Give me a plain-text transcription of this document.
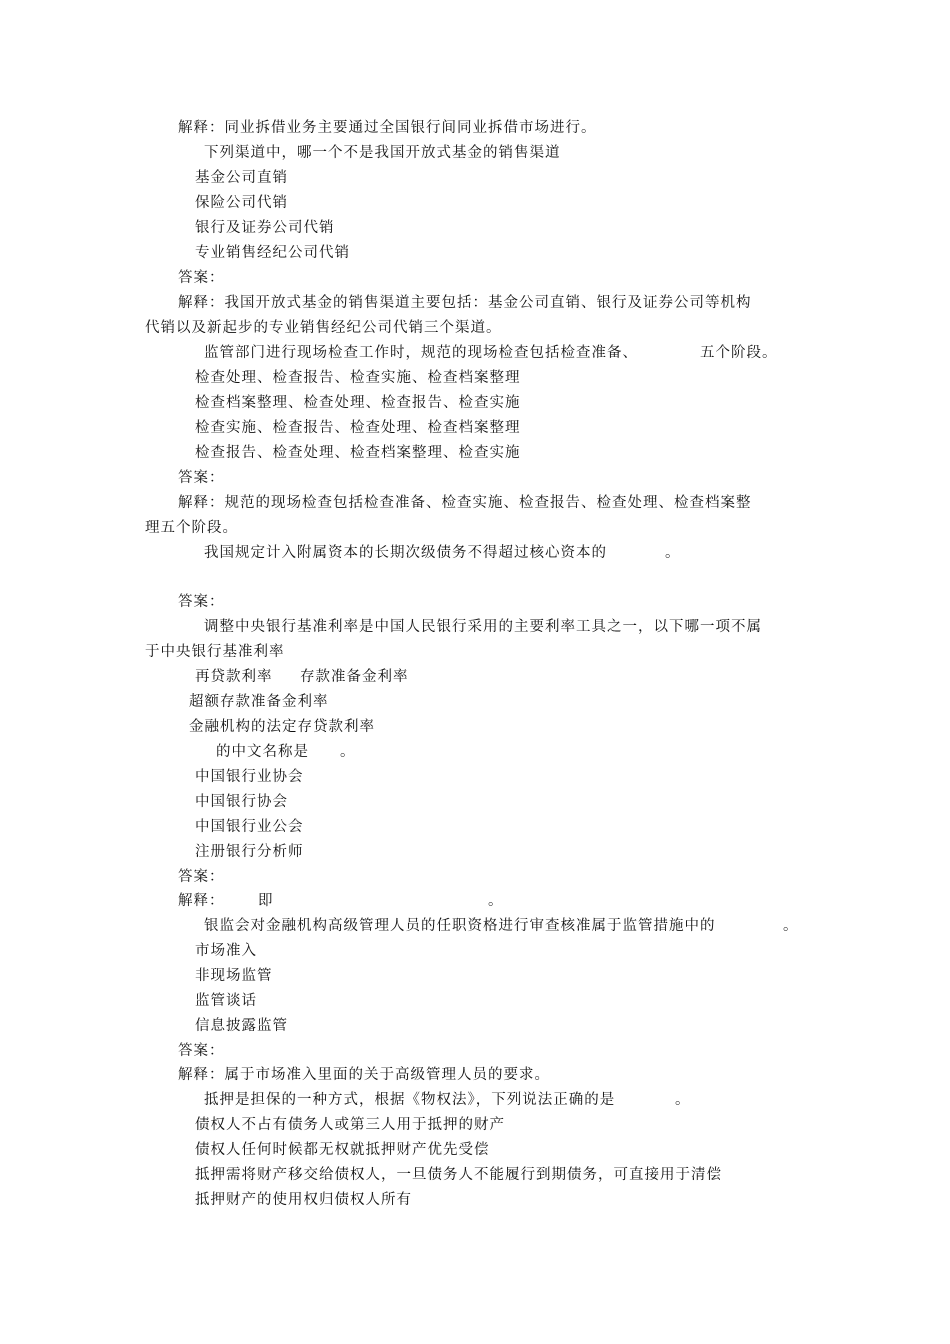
解释：同业拆借业务主要通过全国银行间同业拆借市场进行。
下列渠道中，哪一个不是我国开放式基金的销售渠道
基金公司直销
保险公司代销
银行及证券公司代销
专业销售经纪公司代销
答案：
解释：我国开放式基金的销售渠道主要包括：基金公司直销、银行及证券公司等机构
代销以及新起步的专业销售经纪公司代销三个渠道。
监管部门进行现场检查工作时，规范的现场检查包括检查准备、	五个阶段。
检查处理、检查报告、检查实施、检查档案整理
检查档案整理、检查处理、检查报告、检查实施
检查实施、检查报告、检查处理、检查档案整理
检查报告、检查处理、检查档案整理、检查实施
答案：
解释：规范的现场检查包括检查准备、检查实施、检查报告、检查处理、检查档案整
理五个阶段。
我国规定计入附属资本的长期次级债务不得超过核心资本的	。
答案：
调整中央银行基准利率是中国人民银行采用的主要利率工具之一，以下哪一项不属
于中央银行基准利率
再贷款利率 存款准备金利率
超额存款准备金利率
金融机构的法定存贷款利率
的中文名称是 。
中国银行业协会
中国银行协会
中国银行业公会
注册银行分析师
答案：
解释： 即	。
银监会对金融机构高级管理人员的任职资格进行审查核准属于监管措施中的	。
市场准入
非现场监管
监管谈话
信息披露监管
答案：
解释：属于市场准入里面的关于高级管理人员的要求。
抵押是担保的一种方式，根据《物权法》，下列说法正确的是	。
债权人不占有债务人或第三人用于抵押的财产
债权人任何时候都无权就抵押财产优先受偿
抵押需将财产移交给债权人，一旦债务人不能履行到期债务，可直接用于清偿
抵押财产的使用权归债权人所有
